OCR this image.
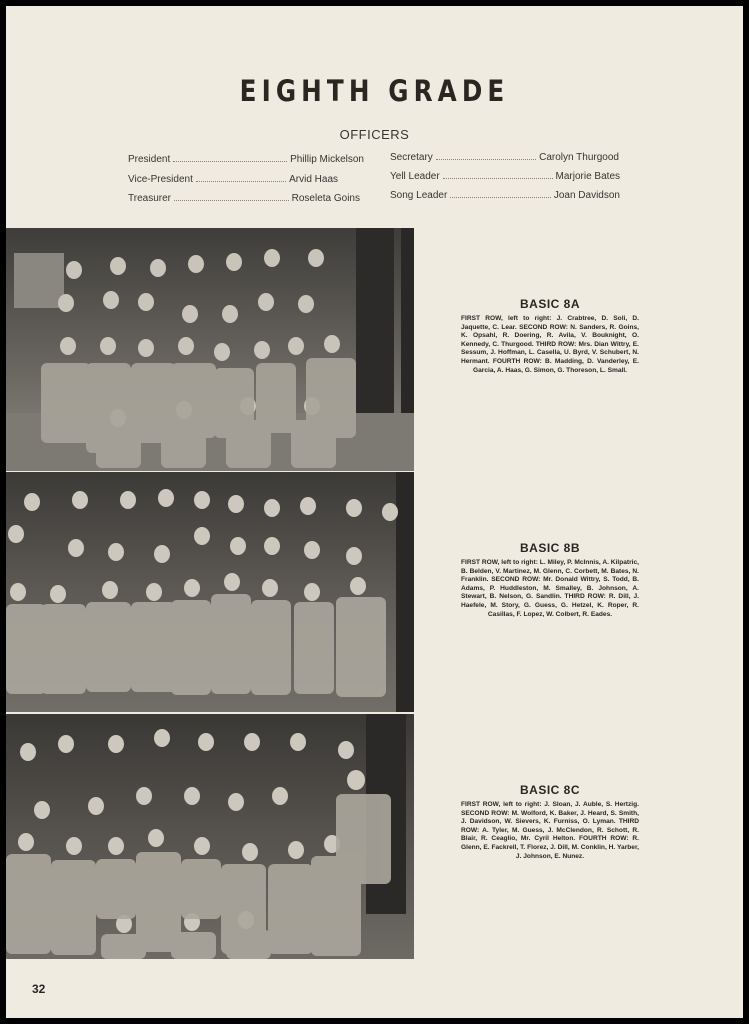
EIGHTH GRADE
OFFICERS
President	Phillip Mickelson
Vice-President	Arvid Haas
Treasurer	Roseleta Goins
Secretary	Carolyn Thurgood
Yell Leader	Marjorie Bates
Song Leader	Joan Davidson
BASIC 8A
FIRST ROW, left to right: J. Crabtree, D. Soli, D. Jaquette, C. Lear. SECOND ROW: N. Sanders, R. Goins, K. Opsahl, R. Doering, R. Avila, V. Bouknight, O. Kennedy, C. Thurgood. THIRD ROW: Mrs. Dian Wittry, E. Sessum, J. Hoffman, L. Casella, U. Byrd, V. Schubert, N. Hermant. FOURTH ROW: B. Madding, D. Vanderley, E. Garcia, A. Haas, G. Simon, G. Thoreson, L. Small.
BASIC 8B
FIRST ROW, left to right: L. Miley, P. McInnis, A. Kilpatric, B. Belden, V. Martinez, M. Glenn, C. Corbett, M. Bates, N. Franklin. SECOND ROW: Mr. Donald Wittry, S. Todd, B. Adams, P. Huddleston, M. Smalley, B. Johnson, A. Stewart, B. Nelson, G. Sandlin. THIRD ROW: R. Dill, J. Haefele, M. Story, G. Guess, G. Hetzel, K. Roper, R. Casillas, F. Lopez, W. Colbert, R. Eades.
BASIC 8C
FIRST ROW, left to right: J. Sloan, J. Auble, S. Hertzig. SECOND ROW: M. Wolford, K. Baker, J. Heard, S. Smith, J. Davidson, W. Sievers, K. Furniss, O. Lyman. THIRD ROW: A. Tyler, M. Guess, J. McClendon, R. Schott, R. Blair, R. Ceaglio, Mr. Cyril Helton. FOURTH ROW: R. Glenn, E. Fackrell, T. Florez, J. Dill, M. Conklin, H. Yarber, J. Johnson, E. Nunez.
32
